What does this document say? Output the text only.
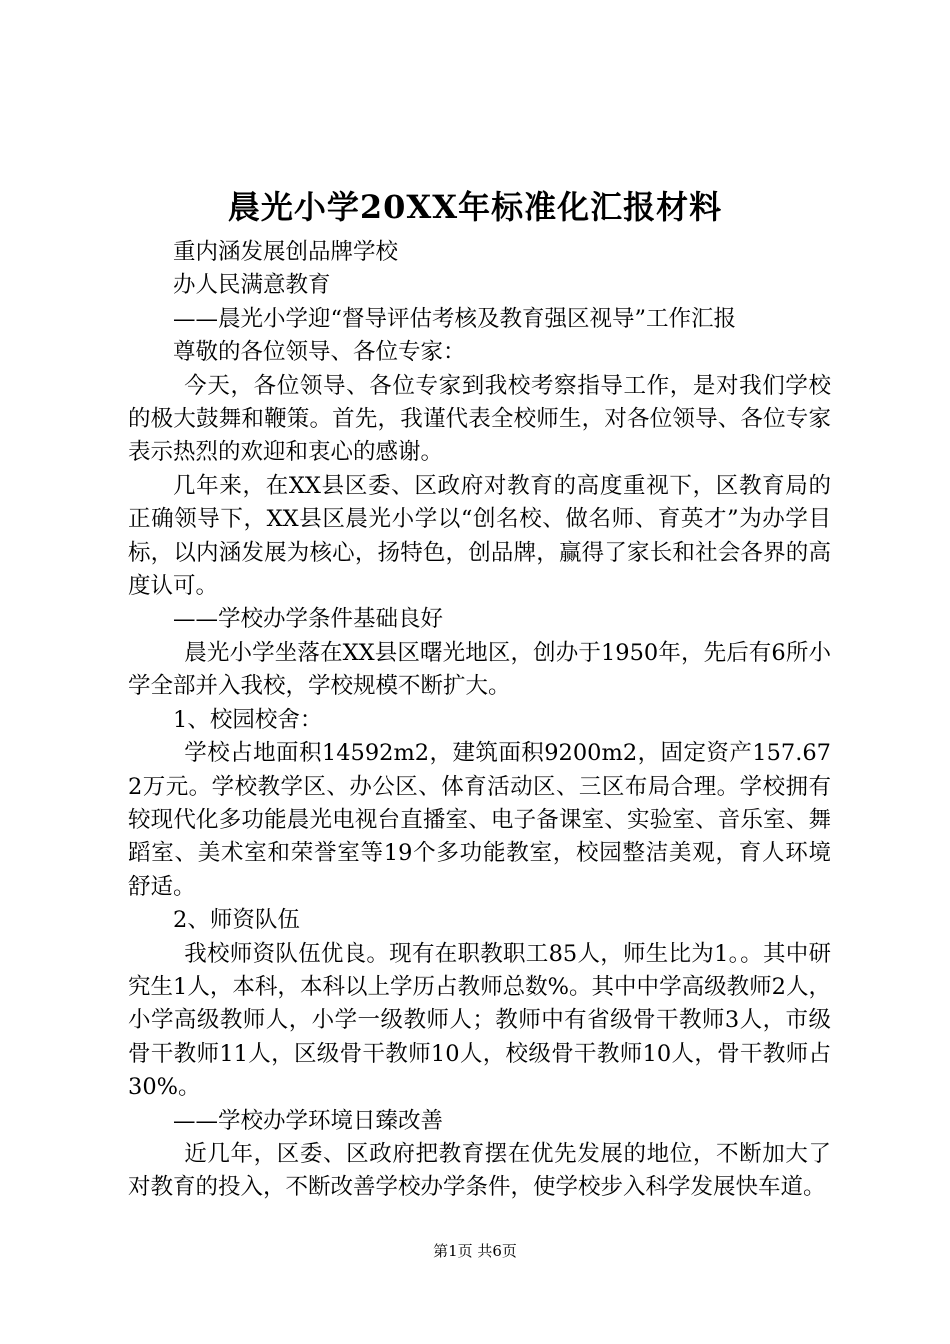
晨光小学20XX年标准化汇报材料

重内涵发展创品牌学校

办人民满意教育

——晨光小学迎“督导评估考核及教育强区视导”工作汇报

尊敬的各位领导、各位专家：

今天，各位领导、各位专家到我校考察指导工作，是对我们学校的极大鼓舞和鞭策。首先，我谨代表全校师生，对各位领导、各位专家表示热烈的欢迎和衷心的感谢。

几年来，在XX县区委、区政府对教育的高度重视下，区教育局的正确领导下，XX县区晨光小学以“创名校、做名师、育英才”为办学目标，以内涵发展为核心，扬特色，创品牌，赢得了家长和社会各界的高度认可。

——学校办学条件基础良好

晨光小学坐落在XX县区曙光地区，创办于1950年，先后有6所小学全部并入我校，学校规模不断扩大。

1、校园校舍：

学校占地面积14592m2，建筑面积9200m2，固定资产157.672万元。学校教学区、办公区、体育活动区、三区布局合理。学校拥有较现代化多功能晨光电视台直播室、电子备课室、实验室、音乐室、舞蹈室、美术室和荣誉室等19个多功能教室，校园整洁美观，育人环境舒适。

2、师资队伍

我校师资队伍优良。现有在职教职工85人，师生比为1。。其中研究生1人，本科，本科以上学历占教师总数%。其中中学高级教师2人，小学高级教师人，小学一级教师人；教师中有省级骨干教师3人，市级骨干教师11人，区级骨干教师10人，校级骨干教师10人，骨干教师占30%。

——学校办学环境日臻改善

近几年，区委、区政府把教育摆在优先发展的地位，不断加大了对教育的投入，不断改善学校办学条件，使学校步入科学发展快车道。

第1页 共6页
